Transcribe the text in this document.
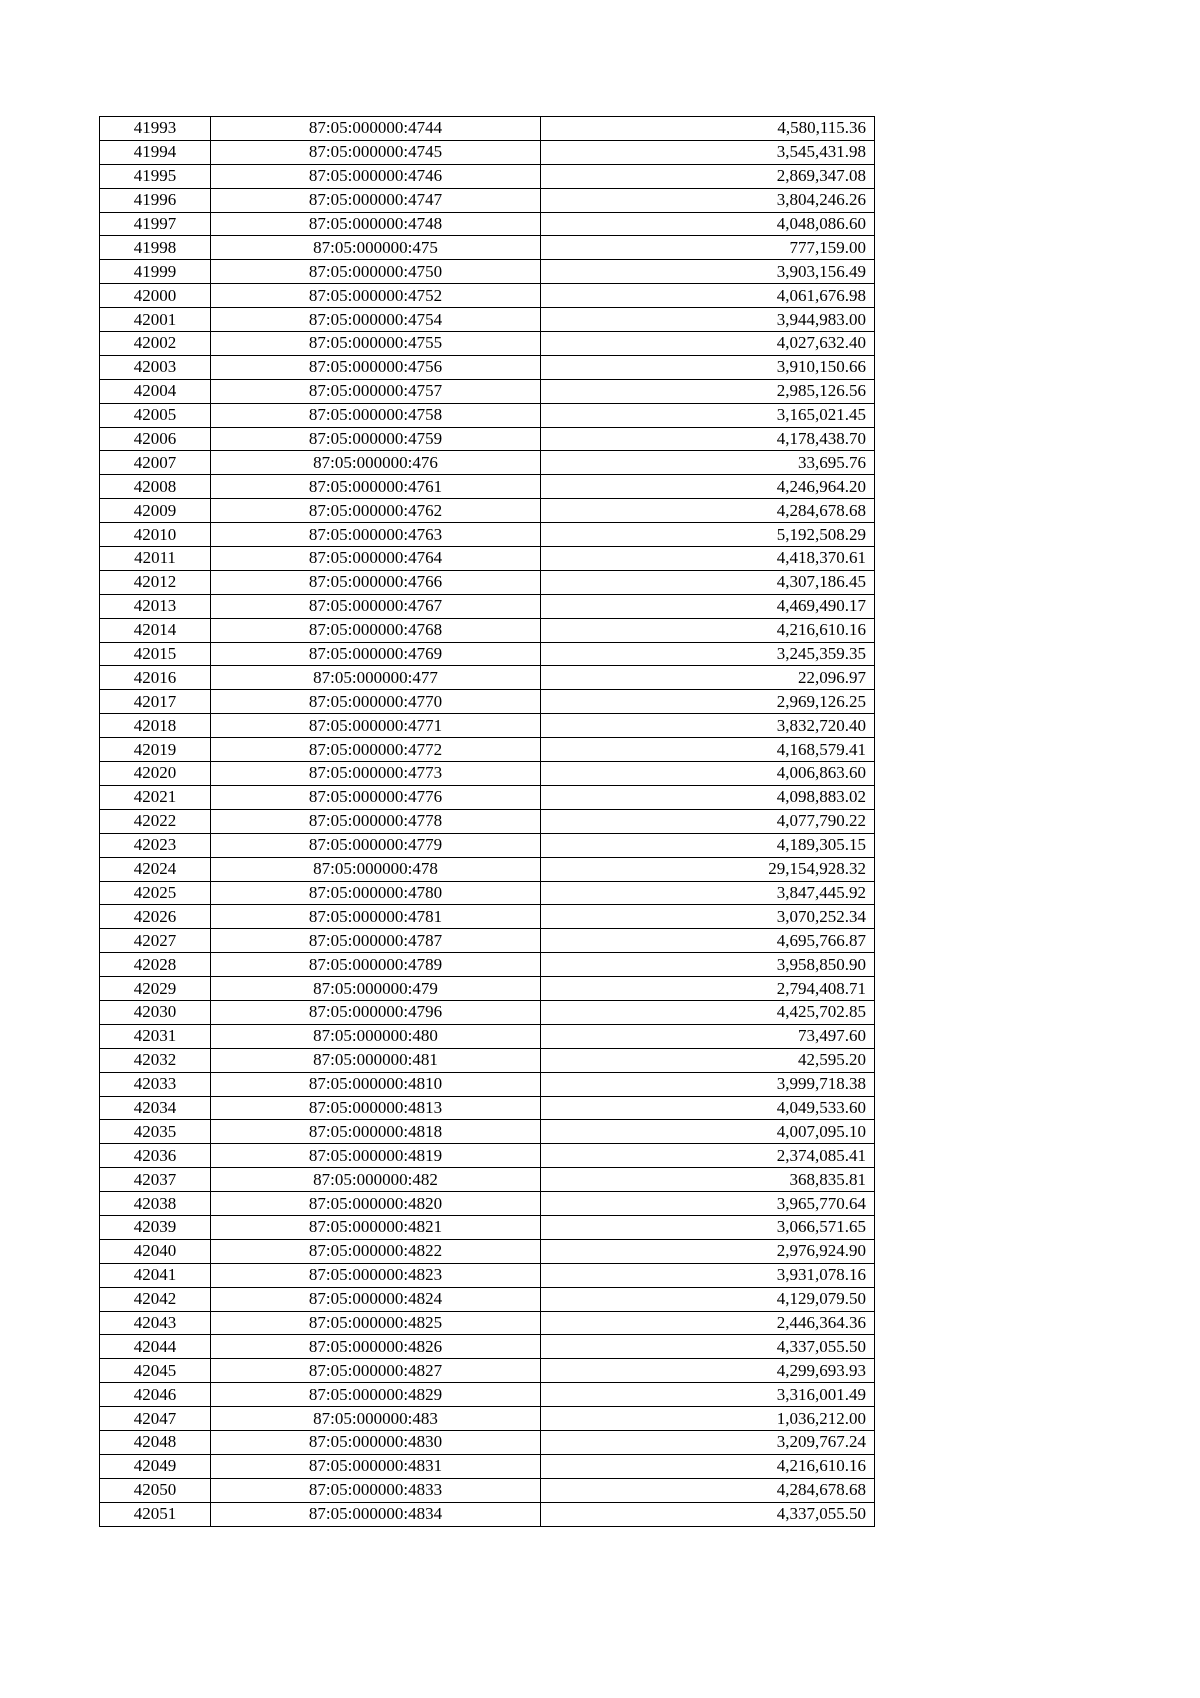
41993	87:05:000000:4744	4,580,115.36
41994	87:05:000000:4745	3,545,431.98
41995	87:05:000000:4746	2,869,347.08
41996	87:05:000000:4747	3,804,246.26
41997	87:05:000000:4748	4,048,086.60
41998	87:05:000000:475	777,159.00
41999	87:05:000000:4750	3,903,156.49
42000	87:05:000000:4752	4,061,676.98
42001	87:05:000000:4754	3,944,983.00
42002	87:05:000000:4755	4,027,632.40
42003	87:05:000000:4756	3,910,150.66
42004	87:05:000000:4757	2,985,126.56
42005	87:05:000000:4758	3,165,021.45
42006	87:05:000000:4759	4,178,438.70
42007	87:05:000000:476	33,695.76
42008	87:05:000000:4761	4,246,964.20
42009	87:05:000000:4762	4,284,678.68
42010	87:05:000000:4763	5,192,508.29
42011	87:05:000000:4764	4,418,370.61
42012	87:05:000000:4766	4,307,186.45
42013	87:05:000000:4767	4,469,490.17
42014	87:05:000000:4768	4,216,610.16
42015	87:05:000000:4769	3,245,359.35
42016	87:05:000000:477	22,096.97
42017	87:05:000000:4770	2,969,126.25
42018	87:05:000000:4771	3,832,720.40
42019	87:05:000000:4772	4,168,579.41
42020	87:05:000000:4773	4,006,863.60
42021	87:05:000000:4776	4,098,883.02
42022	87:05:000000:4778	4,077,790.22
42023	87:05:000000:4779	4,189,305.15
42024	87:05:000000:478	29,154,928.32
42025	87:05:000000:4780	3,847,445.92
42026	87:05:000000:4781	3,070,252.34
42027	87:05:000000:4787	4,695,766.87
42028	87:05:000000:4789	3,958,850.90
42029	87:05:000000:479	2,794,408.71
42030	87:05:000000:4796	4,425,702.85
42031	87:05:000000:480	73,497.60
42032	87:05:000000:481	42,595.20
42033	87:05:000000:4810	3,999,718.38
42034	87:05:000000:4813	4,049,533.60
42035	87:05:000000:4818	4,007,095.10
42036	87:05:000000:4819	2,374,085.41
42037	87:05:000000:482	368,835.81
42038	87:05:000000:4820	3,965,770.64
42039	87:05:000000:4821	3,066,571.65
42040	87:05:000000:4822	2,976,924.90
42041	87:05:000000:4823	3,931,078.16
42042	87:05:000000:4824	4,129,079.50
42043	87:05:000000:4825	2,446,364.36
42044	87:05:000000:4826	4,337,055.50
42045	87:05:000000:4827	4,299,693.93
42046	87:05:000000:4829	3,316,001.49
42047	87:05:000000:483	1,036,212.00
42048	87:05:000000:4830	3,209,767.24
42049	87:05:000000:4831	4,216,610.16
42050	87:05:000000:4833	4,284,678.68
42051	87:05:000000:4834	4,337,055.50
